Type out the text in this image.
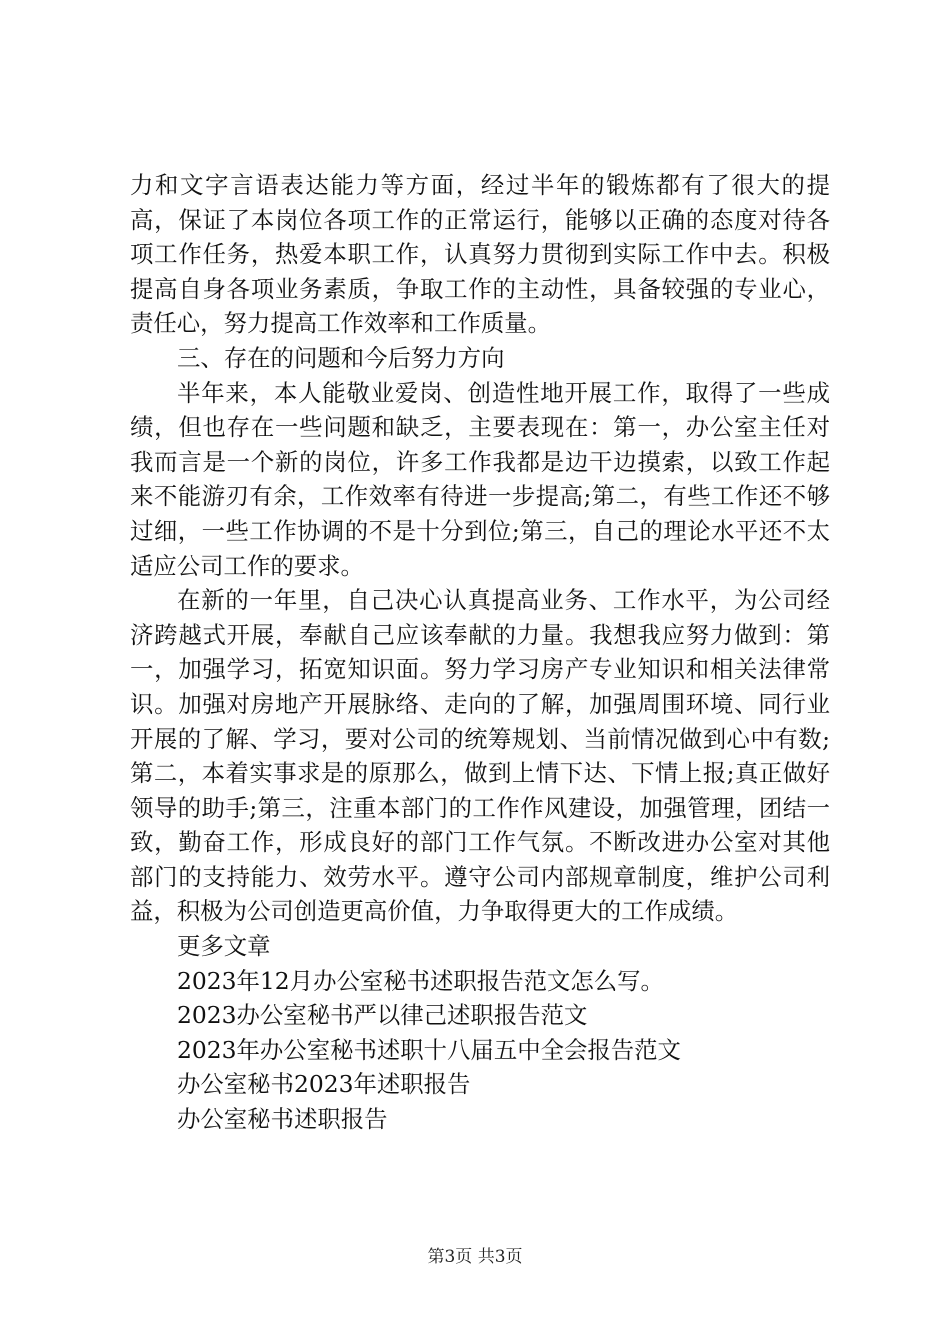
力和文字言语表达能力等方面，经过半年的锻炼都有了很大的提高，保证了本岗位各项工作的正常运行，能够以正确的态度对待各项工作任务，热爱本职工作，认真努力贯彻到实际工作中去。积极提高自身各项业务素质，争取工作的主动性，具备较强的专业心，责任心，努力提高工作效率和工作质量。

三、存在的问题和今后努力方向

半年来，本人能敬业爱岗、创造性地开展工作，取得了一些成绩，但也存在一些问题和缺乏，主要表现在：第一，办公室主任对我而言是一个新的岗位，许多工作我都是边干边摸索，以致工作起来不能游刃有余，工作效率有待进一步提高;第二，有些工作还不够过细，一些工作协调的不是十分到位;第三，自己的理论水平还不太适应公司工作的要求。

在新的一年里，自己决心认真提高业务、工作水平，为公司经济跨越式开展，奉献自己应该奉献的力量。我想我应努力做到：第一，加强学习，拓宽知识面。努力学习房产专业知识和相关法律常识。加强对房地产开展脉络、走向的了解，加强周围环境、同行业开展的了解、学习，要对公司的统筹规划、当前情况做到心中有数;第二，本着实事求是的原那么，做到上情下达、下情上报;真正做好领导的助手;第三，注重本部门的工作作风建设，加强管理，团结一致，勤奋工作，形成良好的部门工作气氛。不断改进办公室对其他部门的支持能力、效劳水平。遵守公司内部规章制度，维护公司利益，积极为公司创造更高价值，力争取得更大的工作成绩。

更多文章

2023年12月办公室秘书述职报告范文怎么写。
2023办公室秘书严以律己述职报告范文
2023年办公室秘书述职十八届五中全会报告范文
办公室秘书2023年述职报告
办公室秘书述职报告
第3页 共3页
